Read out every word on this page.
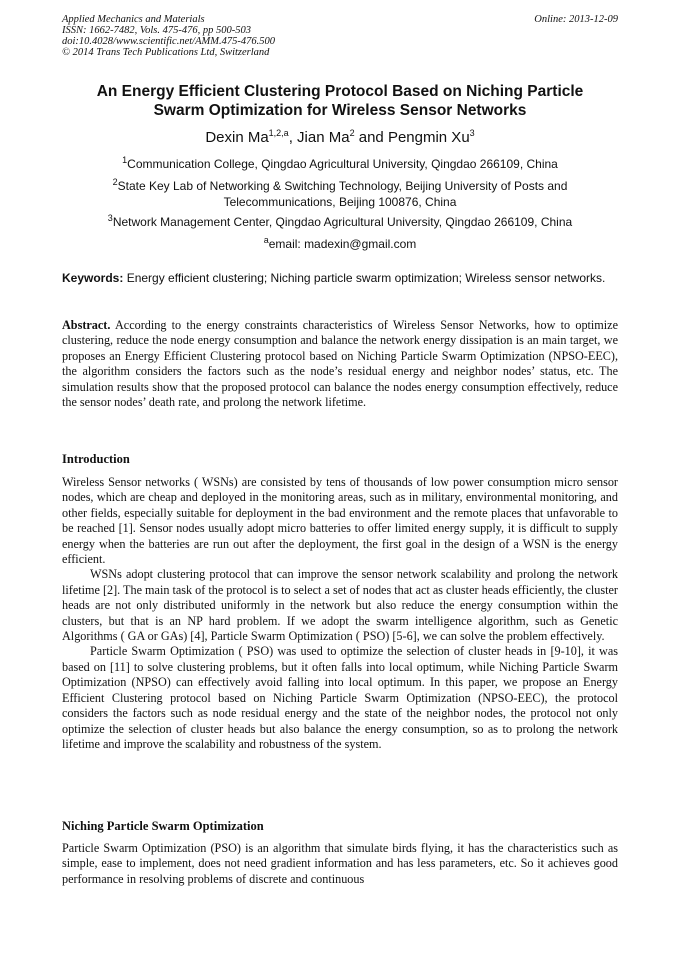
Applied Mechanics and Materials
ISSN: 1662-7482, Vols. 475-476, pp 500-503
doi:10.4028/www.scientific.net/AMM.475-476.500
© 2014 Trans Tech Publications Ltd, Switzerland
Online: 2013-12-09
An Energy Efficient Clustering Protocol Based on Niching Particle
Swarm Optimization for Wireless Sensor Networks
Dexin Ma$^{1,2,a}$, Jian Ma$^2$ and Pengmin Xu$^3$
$^1$Communication College, Qingdao Agricultural University, Qingdao 266109, China
$^2$State Key Lab of Networking & Switching Technology, Beijing University of Posts and
Telecommunications, Beijing 100876, China
$^3$Network Management Center, Qingdao Agricultural University, Qingdao 266109, China
$^a$email: madexin@gmail.com
Keywords: Energy efficient clustering; Niching particle swarm optimization; Wireless sensor networks.

Abstract. According to the energy constraints characteristics of Wireless Sensor Networks, how to optimize clustering, reduce the node energy consumption and balance the network energy dissipation is an main target, we proposes an Energy Efficient Clustering protocol based on Niching Particle Swarm Optimization (NPSO-EEC), the algorithm considers the factors such as the node’s residual energy and neighbor nodes’ status, etc. The simulation results show that the proposed protocol can balance the nodes energy consumption effectively, reduce the sensor nodes’ death rate, and prolong the network lifetime.

Introduction

Wireless Sensor networks ( WSNs) are consisted by tens of thousands of low power consumption micro sensor nodes, which are cheap and deployed in the monitoring areas, such as in military, environmental monitoring, and other fields, especially suitable for deployment in the bad environment and the remote places that unfavorable to be reached [1]. Sensor nodes usually adopt micro batteries to offer limited energy supply, it is difficult to supply energy when the batteries are run out after the deployment, the first goal in the design of a WSN is the energy efficient.

WSNs adopt clustering protocol that can improve the sensor network scalability and prolong the network lifetime [2]. The main task of the protocol is to select a set of nodes that act as cluster heads efficiently, the cluster heads are not only distributed uniformly in the network but also reduce the energy consumption within the clusters, but that is an NP hard problem. If we adopt the swarm intelligence algorithm, such as Genetic Algorithms ( GA or GAs) [4], Particle Swarm Optimization ( PSO) [5-6], we can solve the problem effectively.

Particle Swarm Optimization ( PSO) was used to optimize the selection of cluster heads in [9-10], it was based on [11] to solve clustering problems, but it often falls into local optimum, while Niching Particle Swarm Optimization (NPSO) can effectively avoid falling into local optimum. In this paper, we propose an Energy Efficient Clustering protocol based on Niching Particle Swarm Optimization (NPSO-EEC), the protocol considers the factors such as node residual energy and the state of the neighbor nodes, the protocol not only optimize the selection of cluster heads but also balance the energy consumption, so as to prolong the network lifetime and improve the scalability and robustness of the system.

Niching Particle Swarm Optimization

Particle Swarm Optimization (PSO) is an algorithm that simulate birds flying, it has the characteristics such as simple, ease to implement, does not need gradient information and has less parameters, etc. So it achieves good performance in resolving problems of discrete and continuous
